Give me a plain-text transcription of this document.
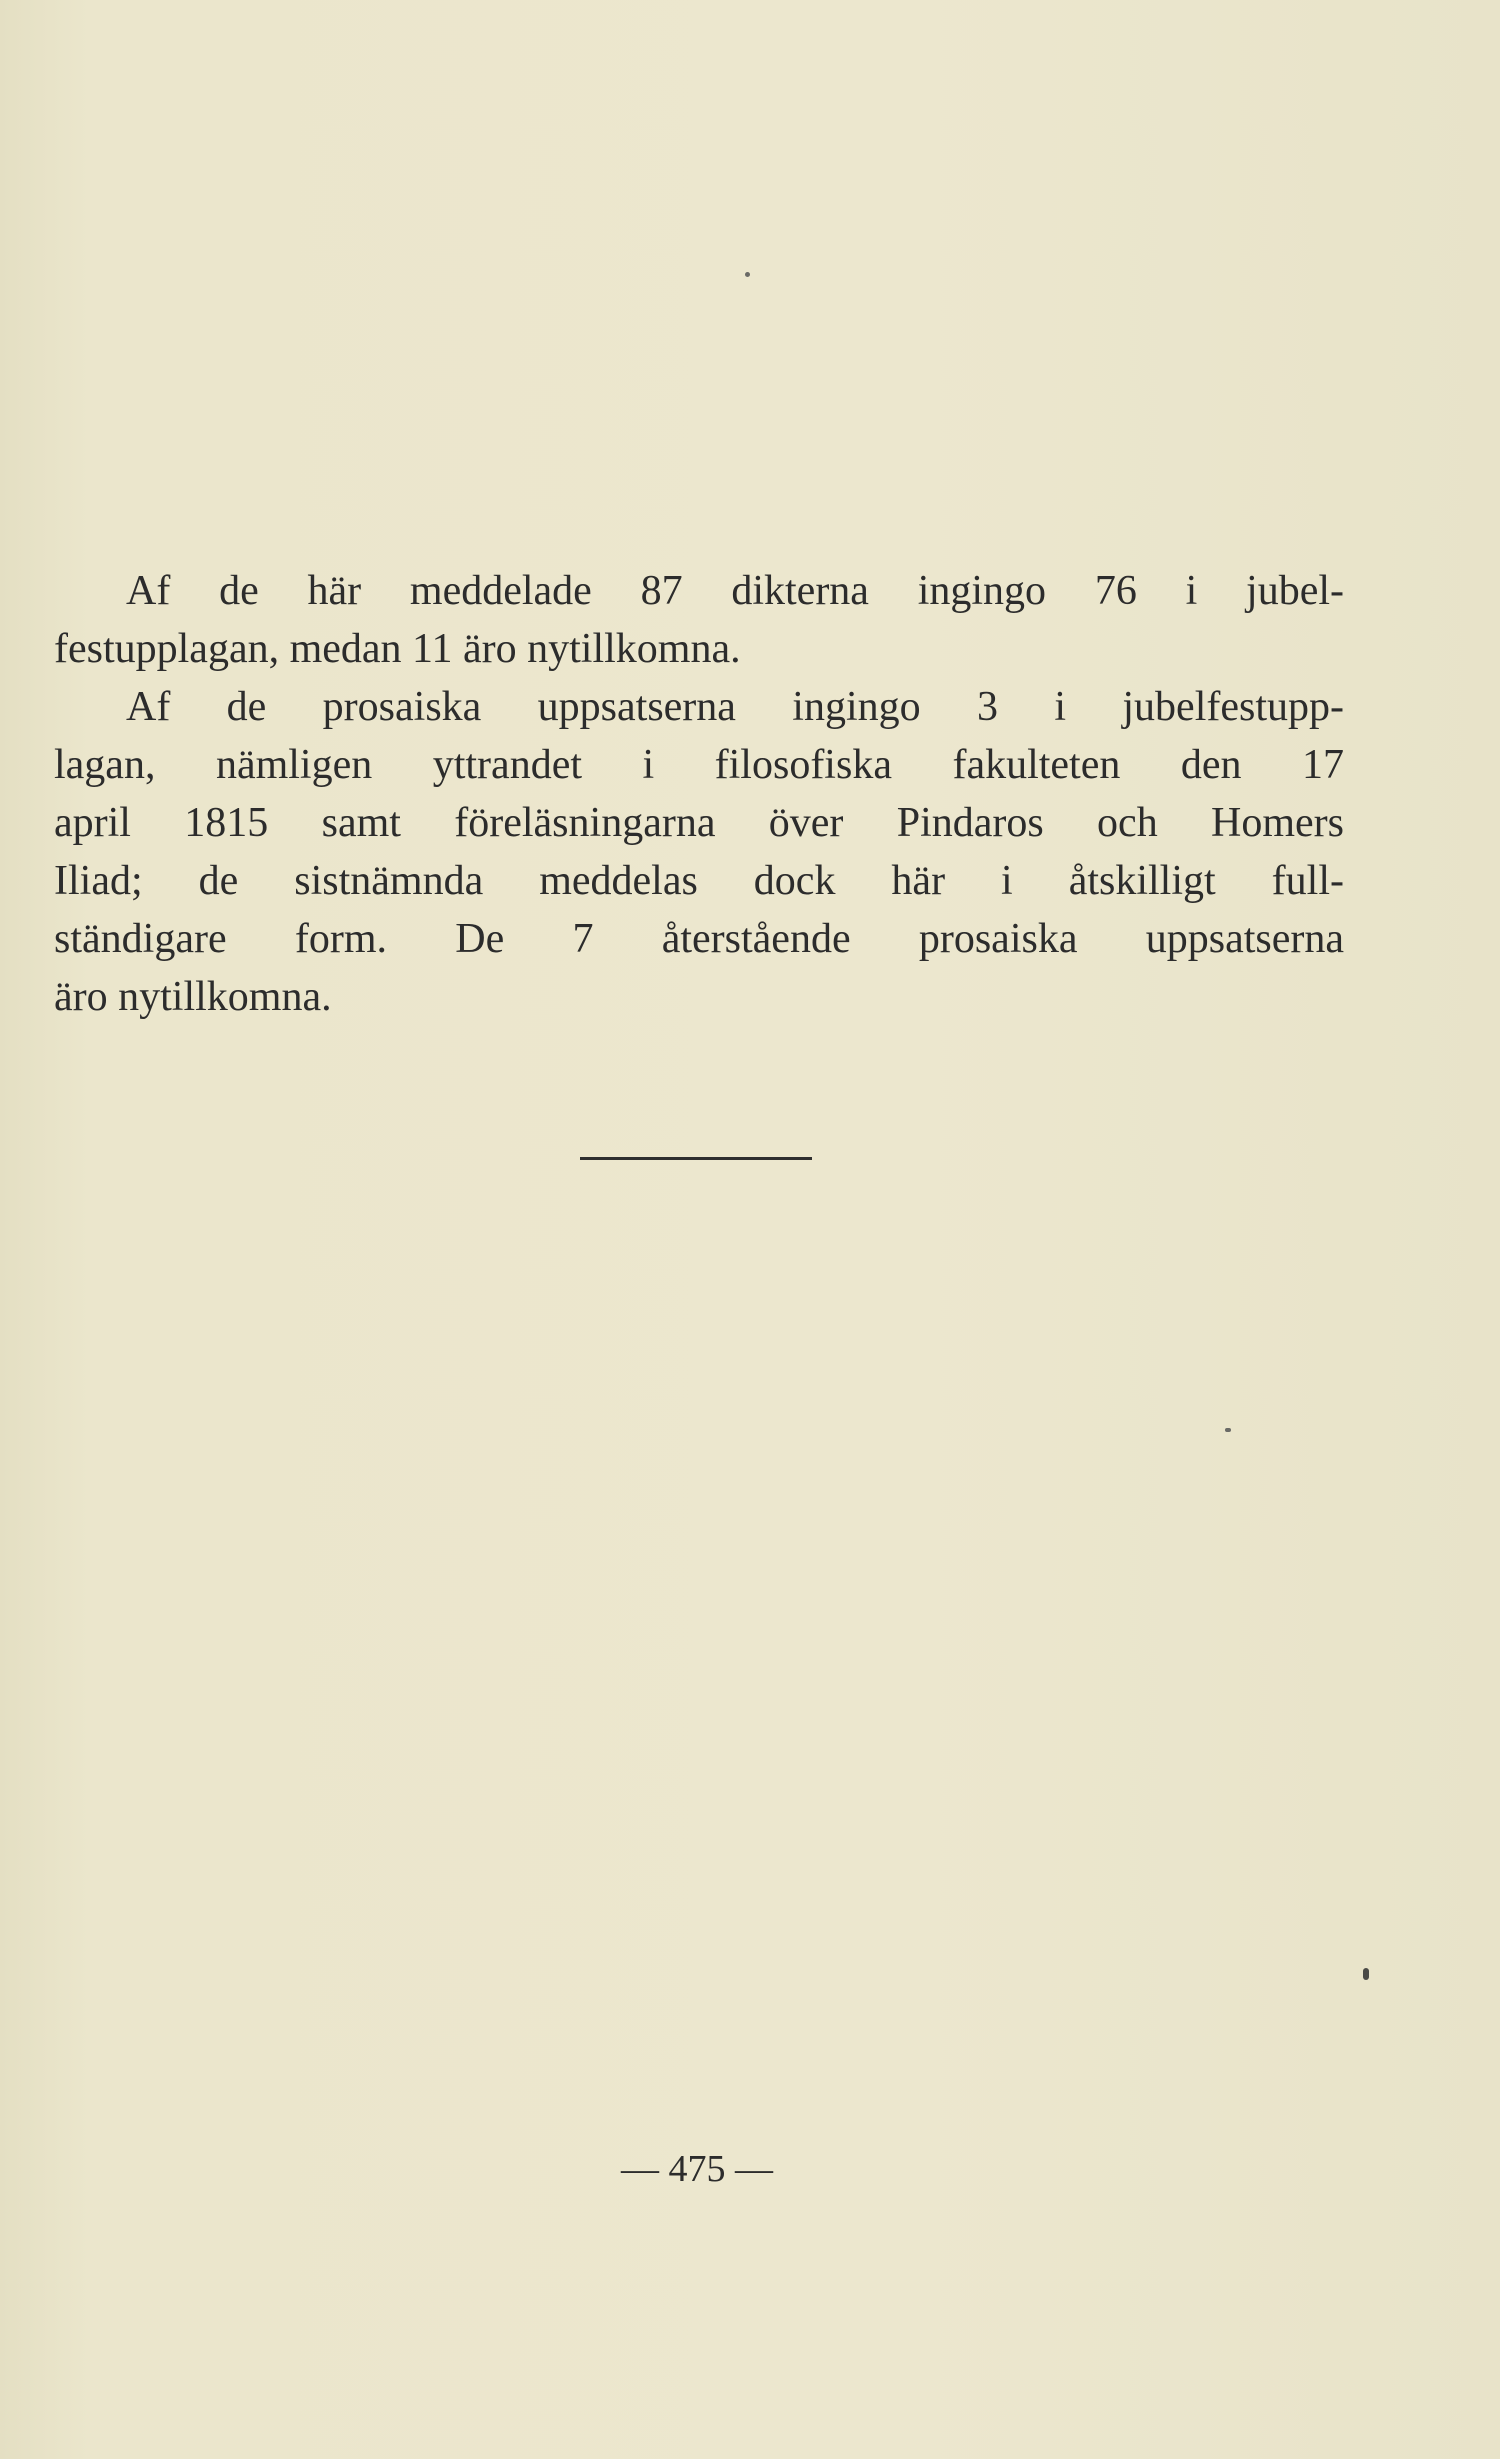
Af de här meddelade 87 dikterna ingingo 76 i jubel-
festupplagan, medan 11 äro nytillkomna.
Af de prosaiska uppsatserna ingingo 3 i jubelfestupp-
lagan, nämligen yttrandet i filosofiska fakulteten den 17
april 1815 samt föreläsningarna över Pindaros och Homers
Iliad; de sistnämnda meddelas dock här i åtskilligt full-
ständigare form. De 7 återstående prosaiska uppsatserna
äro nytillkomna.
— 475 —
